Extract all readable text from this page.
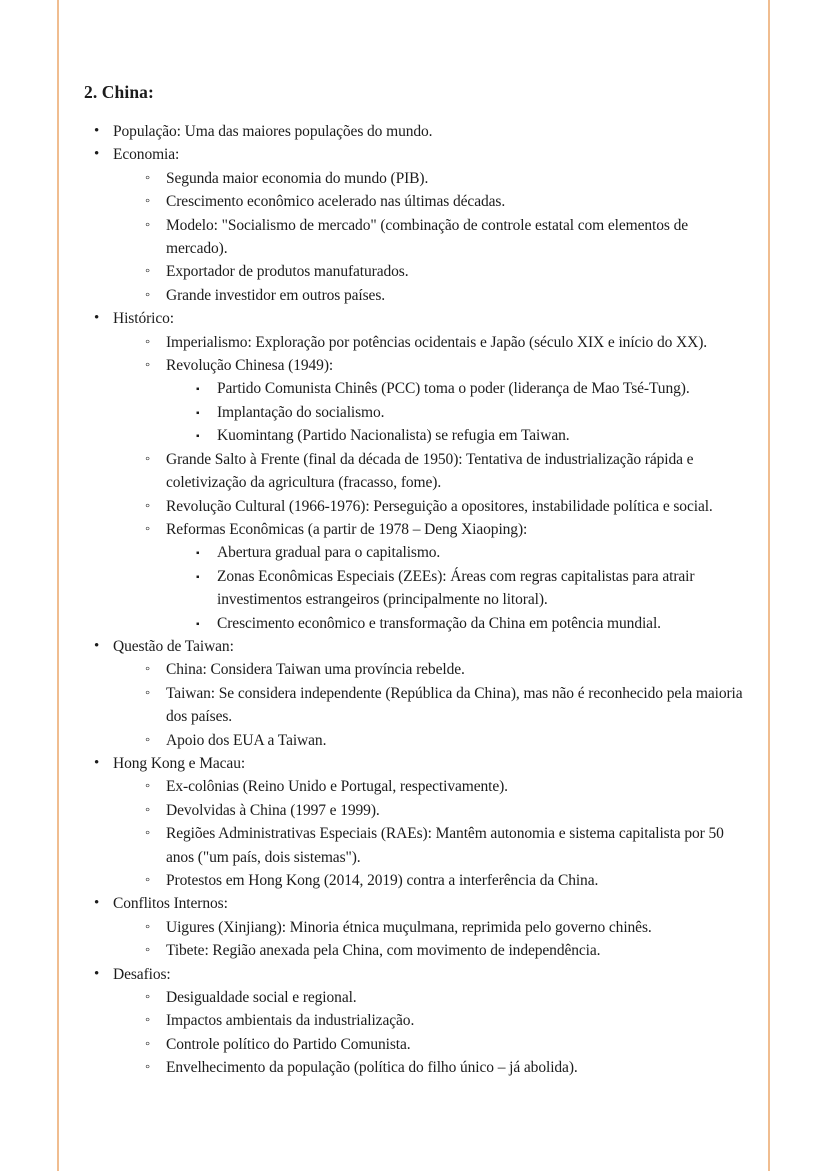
2. China:
• População: Uma das maiores populações do mundo.
• Economia:
◦ Segunda maior economia do mundo (PIB).
◦ Crescimento econômico acelerado nas últimas décadas.
◦ Modelo: "Socialismo de mercado" (combinação de controle estatal com elementos de mercado).
◦ Exportador de produtos manufaturados.
◦ Grande investidor em outros países.
• Histórico:
◦ Imperialismo: Exploração por potências ocidentais e Japão (século XIX e início do XX).
◦ Revolução Chinesa (1949):
▪ Partido Comunista Chinês (PCC) toma o poder (liderança de Mao Tsé-Tung).
▪ Implantação do socialismo.
▪ Kuomintang (Partido Nacionalista) se refugia em Taiwan.
◦ Grande Salto à Frente (final da década de 1950): Tentativa de industrialização rápida e coletivização da agricultura (fracasso, fome).
◦ Revolução Cultural (1966-1976): Perseguição a opositores, instabilidade política e social.
◦ Reformas Econômicas (a partir de 1978 – Deng Xiaoping):
▪ Abertura gradual para o capitalismo.
▪ Zonas Econômicas Especiais (ZEEs): Áreas com regras capitalistas para atrair investimentos estrangeiros (principalmente no litoral).
▪ Crescimento econômico e transformação da China em potência mundial.
• Questão de Taiwan:
◦ China: Considera Taiwan uma província rebelde.
◦ Taiwan: Se considera independente (República da China), mas não é reconhecido pela maioria dos países.
◦ Apoio dos EUA a Taiwan.
• Hong Kong e Macau:
◦ Ex-colônias (Reino Unido e Portugal, respectivamente).
◦ Devolvidas à China (1997 e 1999).
◦ Regiões Administrativas Especiais (RAEs): Mantêm autonomia e sistema capitalista por 50 anos ("um país, dois sistemas").
◦ Protestos em Hong Kong (2014, 2019) contra a interferência da China.
• Conflitos Internos:
◦ Uigures (Xinjiang): Minoria étnica muçulmana, reprimida pelo governo chinês.
◦ Tibete: Região anexada pela China, com movimento de independência.
• Desafios:
◦ Desigualdade social e regional.
◦ Impactos ambientais da industrialização.
◦ Controle político do Partido Comunista.
◦ Envelhecimento da população (política do filho único – já abolida).
